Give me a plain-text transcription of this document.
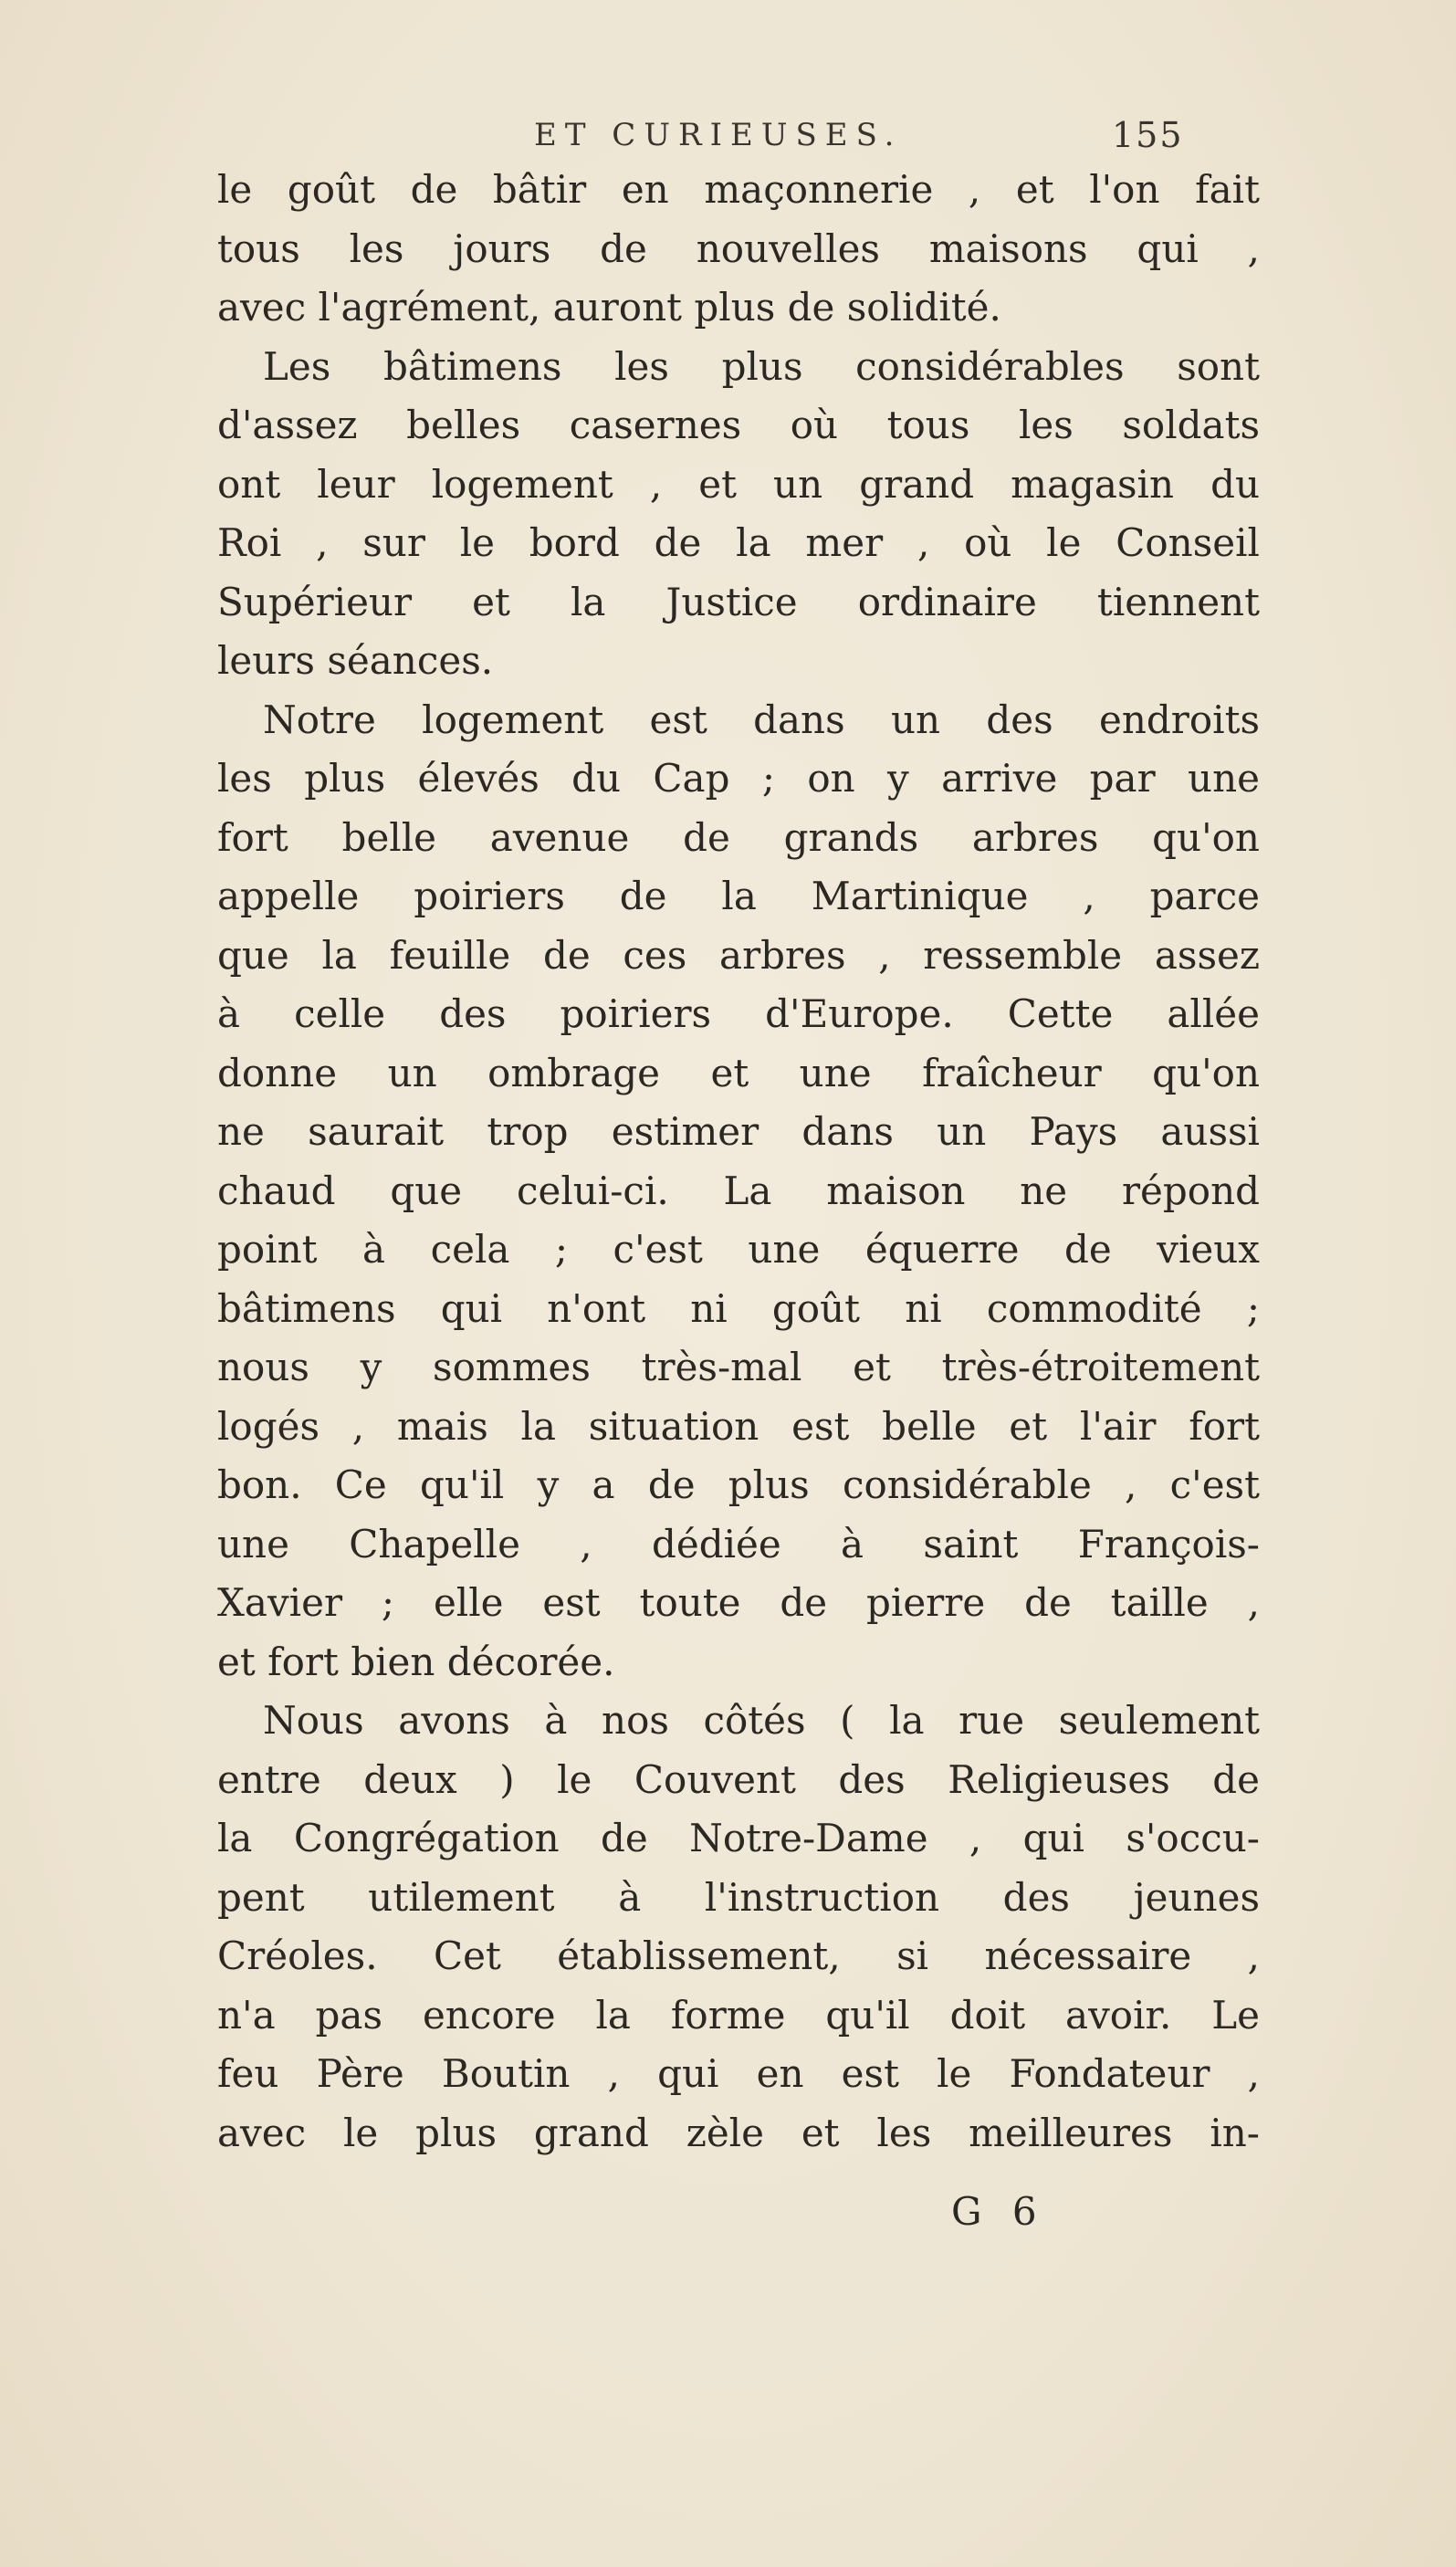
ET CURIEUSES.	155
le goût de bâtir en maçonnerie , et l'on fait
tous les jours de nouvelles maisons qui ,
avec l'agrément, auront plus de solidité.
Les bâtimens les plus considérables sont
d'assez belles casernes où tous les soldats
ont leur logement , et un grand magasin du
Roi , sur le bord de la mer , où le Conseil
Supérieur et la Justice ordinaire tiennent
leurs séances.
Notre logement est dans un des endroits
les plus élevés du Cap ; on y arrive par une
fort belle avenue de grands arbres qu'on
appelle poiriers de la Martinique , parce
que la feuille de ces arbres , ressemble assez
à celle des poiriers d'Europe. Cette allée
donne un ombrage et une fraîcheur qu'on
ne saurait trop estimer dans un Pays aussi
chaud que celui-ci. La maison ne répond
point à cela ; c'est une équerre de vieux
bâtimens qui n'ont ni goût ni commodité ;
nous y sommes très-mal et très-étroitement
logés , mais la situation est belle et l'air fort
bon. Ce qu'il y a de plus considérable , c'est
une Chapelle , dédiée à saint François-
Xavier ; elle est toute de pierre de taille ,
et fort bien décorée.
Nous avons à nos côtés ( la rue seulement
entre deux ) le Couvent des Religieuses de
la Congrégation de Notre-Dame , qui s'occu-
pent utilement à l'instruction des jeunes
Créoles. Cet établissement, si nécessaire ,
n'a pas encore la forme qu'il doit avoir. Le
feu Père Boutin , qui en est le Fondateur ,
avec le plus grand zèle et les meilleures in-
G 6
